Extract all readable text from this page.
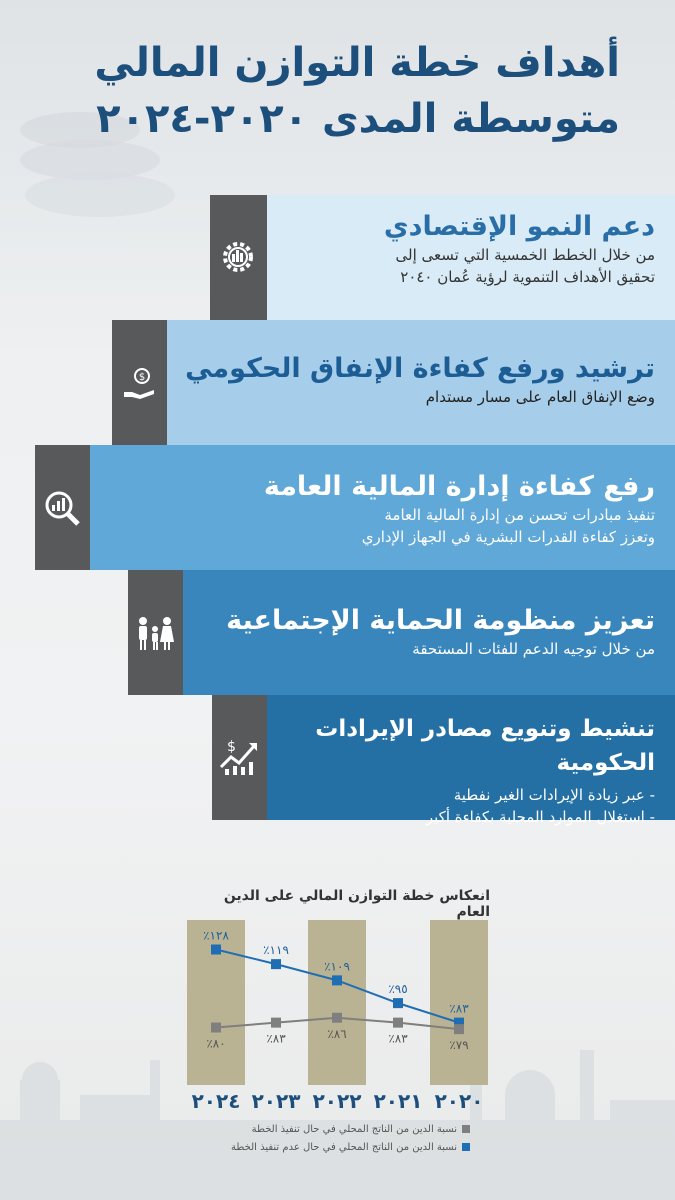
أهداف خطة التوازن المالي
متوسطة المدى ٢٠٢٠-٢٠٢٤
دعم النمو الإقتصادي
من خلال الخطط الخمسية التي تسعى إلى
تحقيق الأهداف التنموية لرؤية عُمان ٢٠٤٠
$ ترشيد ورفع كفاءة الإنفاق الحكومي
وضع الإنفاق العام على مسار مستدام
رفع كفاءة إدارة المالية العامة
تنفيذ مبادرات تحسن من إدارة المالية العامة
وتعزز كفاءة القدرات البشرية في الجهاز الإداري
تعزيز منظومة الحماية الإجتماعية
من خلال توجيه الدعم للفئات المستحقة
$
تنشيط وتنويع مصادر الإيرادات الحكومية
- عبر زيادة الإيرادات الغير نفطية
- استغلال الموارد المحلية بكفاءة أكبر
انعكاس خطة التوازن المالي على الدين العام
٪١٢٨
٪١١٩
٪١٠٩
٪٩٥
٪٨٣
٪٨٠	٪٨٣	٪٨٦	٪٨٣	٪٧٩
٢٠٢٤ ٢٠٢٣ ٢٠٢٢ ٢٠٢١ ٢٠٢٠
نسبة الدين من الناتج المحلي في حال تنفيذ الخطة
نسبة الدين من الناتج المحلي في حال عدم تنفيذ الخطة
